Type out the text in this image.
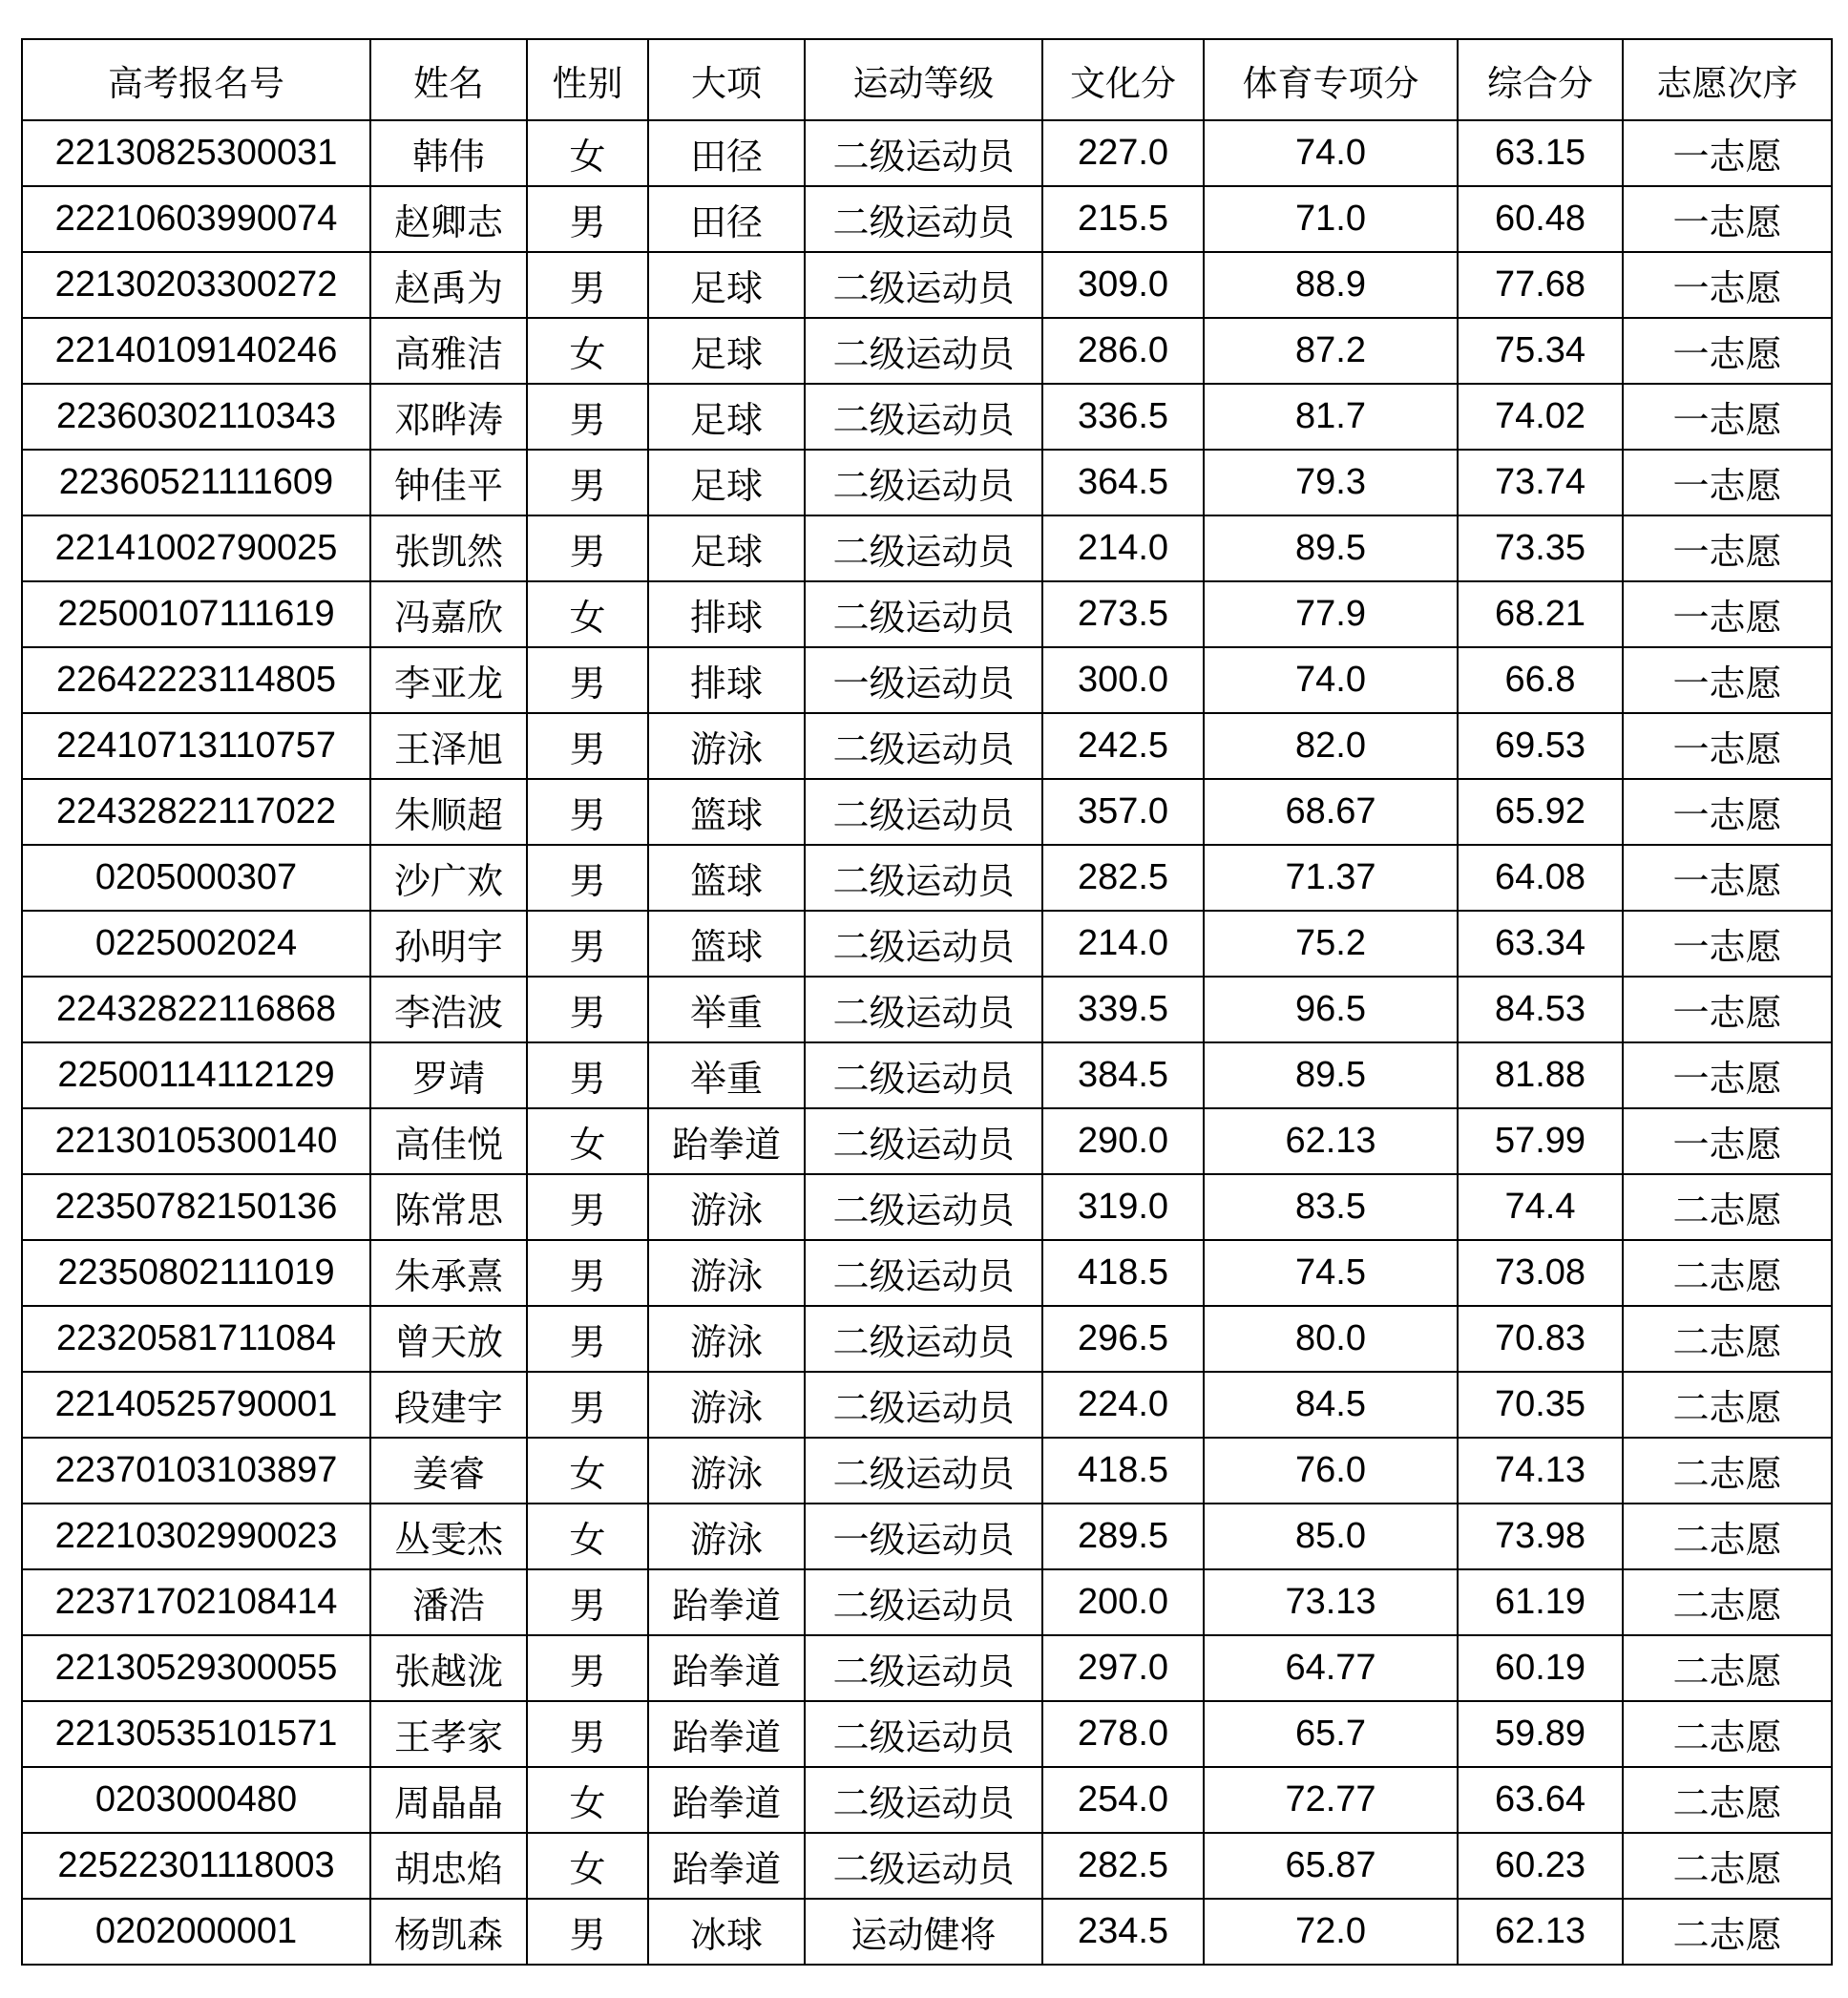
高考报名号	姓名	性别	大项	运动等级	文化分	体育专项分	综合分	志愿次序
22130825300031	韩伟	女	田径	二级运动员	227.0	74.0	63.15	一志愿
22210603990074	赵卿志	男	田径	二级运动员	215.5	71.0	60.48	一志愿
22130203300272	赵禹为	男	足球	二级运动员	309.0	88.9	77.68	一志愿
22140109140246	高雅洁	女	足球	二级运动员	286.0	87.2	75.34	一志愿
22360302110343	邓晔涛	男	足球	二级运动员	336.5	81.7	74.02	一志愿
22360521111609	钟佳平	男	足球	二级运动员	364.5	79.3	73.74	一志愿
22141002790025	张凯然	男	足球	二级运动员	214.0	89.5	73.35	一志愿
22500107111619	冯嘉欣	女	排球	二级运动员	273.5	77.9	68.21	一志愿
22642223114805	李亚龙	男	排球	一级运动员	300.0	74.0	66.8	一志愿
22410713110757	王泽旭	男	游泳	二级运动员	242.5	82.0	69.53	一志愿
22432822117022	朱顺超	男	篮球	二级运动员	357.0	68.67	65.92	一志愿
0205000307	沙广欢	男	篮球	二级运动员	282.5	71.37	64.08	一志愿
0225002024	孙明宇	男	篮球	二级运动员	214.0	75.2	63.34	一志愿
22432822116868	李浩波	男	举重	二级运动员	339.5	96.5	84.53	一志愿
22500114112129	罗靖	男	举重	二级运动员	384.5	89.5	81.88	一志愿
22130105300140	高佳悦	女	跆拳道	二级运动员	290.0	62.13	57.99	一志愿
22350782150136	陈常思	男	游泳	二级运动员	319.0	83.5	74.4	二志愿
22350802111019	朱承熹	男	游泳	二级运动员	418.5	74.5	73.08	二志愿
22320581711084	曾天放	男	游泳	二级运动员	296.5	80.0	70.83	二志愿
22140525790001	段建宇	男	游泳	二级运动员	224.0	84.5	70.35	二志愿
22370103103897	姜睿	女	游泳	二级运动员	418.5	76.0	74.13	二志愿
22210302990023	丛雯杰	女	游泳	一级运动员	289.5	85.0	73.98	二志愿
22371702108414	潘浩	男	跆拳道	二级运动员	200.0	73.13	61.19	二志愿
22130529300055	张越泷	男	跆拳道	二级运动员	297.0	64.77	60.19	二志愿
22130535101571	王孝家	男	跆拳道	二级运动员	278.0	65.7	59.89	二志愿
0203000480	周晶晶	女	跆拳道	二级运动员	254.0	72.77	63.64	二志愿
22522301118003	胡忠焰	女	跆拳道	二级运动员	282.5	65.87	60.23	二志愿
0202000001	杨凯森	男	冰球	运动健将	234.5	72.0	62.13	二志愿
